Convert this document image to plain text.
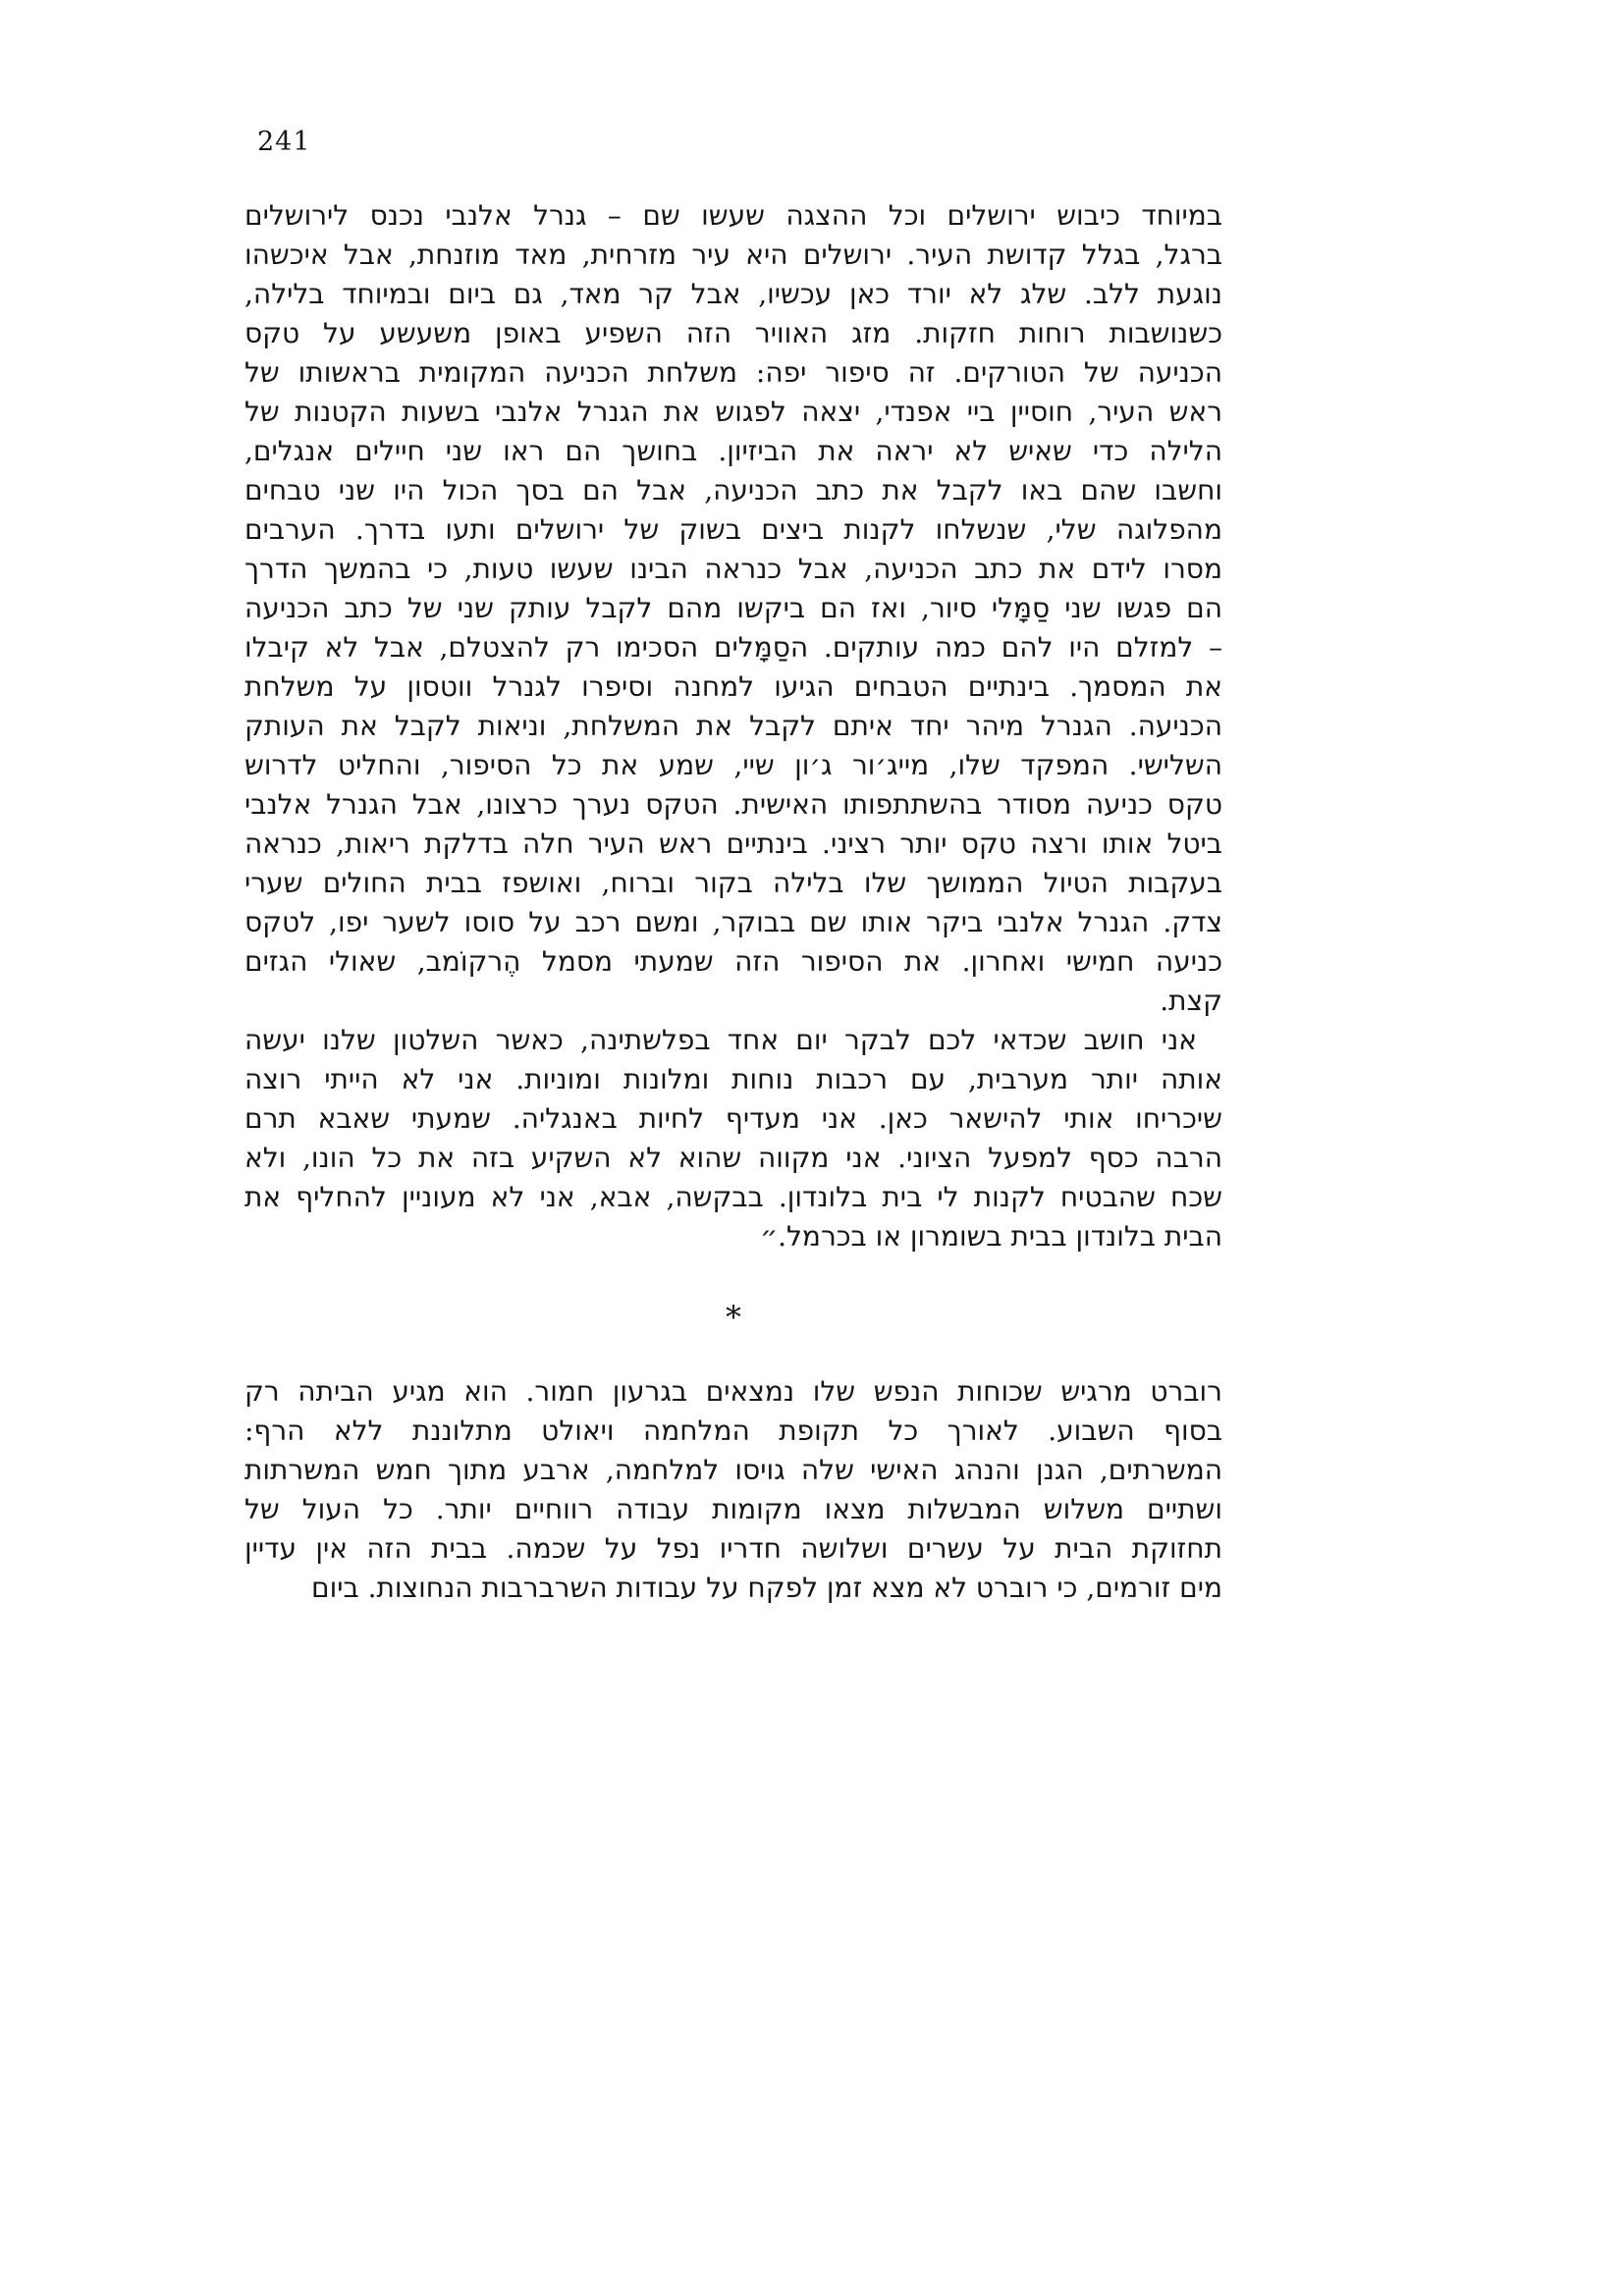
241
במיוחד כיבוש ירושלים וכל ההצגה שעשו שם – גנרל אלנבי נכנס לירושלים
ברגל, בגלל קדושת העיר. ירושלים היא עיר מזרחית, מאד מוזנחת, אבל איכשהו
נוגעת ללב. שלג לא יורד כאן עכשיו, אבל קר מאד, גם ביום ובמיוחד בלילה,
כשנושבות רוחות חזקות. מזג האוויר הזה השפיע באופן משעשע על טקס
הכניעה של הטורקים. זה סיפור יפה: משלחת הכניעה המקומית בראשותו של
ראש העיר, חוסיין ביי אפנדי, יצאה לפגוש את הגנרל אלנבי בשעות הקטנות של
הלילה כדי שאיש לא יראה את הביזיון. בחושך הם ראו שני חיילים אנגלים,
וחשבו שהם באו לקבל את כתב הכניעה, אבל הם בסך הכול היו שני טבחים
מהפלוגה שלי, שנשלחו לקנות ביצים בשוק של ירושלים ותעו בדרך. הערבים
מסרו לידם את כתב הכניעה, אבל כנראה הבינו שעשו טעות, כי בהמשך הדרך
הם פגשו שני סַמָּלי סיור, ואז הם ביקשו מהם לקבל עותק שני של כתב הכניעה
– למזלם היו להם כמה עותקים. הסַמָּלים הסכימו רק להצטלם, אבל לא קיבלו
את המסמך. בינתיים הטבחים הגיעו למחנה וסיפרו לגנרל ווטסון על משלחת
הכניעה. הגנרל מיהר יחד איתם לקבל את המשלחת, וניאות לקבל את העותק
השלישי. המפקד שלו, מייג׳ור ג׳ון שיי, שמע את כל הסיפור, והחליט לדרוש
טקס כניעה מסודר בהשתתפותו האישית. הטקס נערך כרצונו, אבל הגנרל אלנבי
ביטל אותו ורצה טקס יותר רציני. בינתיים ראש העיר חלה בדלקת ריאות, כנראה
בעקבות הטיול הממושך שלו בלילה בקור וברוח, ואושפז בבית החולים שערי
צדק. הגנרל אלנבי ביקר אותו שם בבוקר, ומשם רכב על סוסו לשער יפו, לטקס
כניעה חמישי ואחרון. את הסיפור הזה שמעתי מסמל הֶרקוֹמב, שאולי הגזים
קצת.
אני חושב שכדאי לכם לבקר יום אחד בפלשתינה, כאשר השלטון שלנו יעשה
אותה יותר מערבית, עם רכבות נוחות ומלונות ומוניות. אני לא הייתי רוצה
שיכריחו אותי להישאר כאן. אני מעדיף לחיות באנגליה. שמעתי שאבא תרם
הרבה כסף למפעל הציוני. אני מקווה שהוא לא השקיע בזה את כל הונו, ולא
שכח שהבטיח לקנות לי בית בלונדון. בבקשה, אבא, אני לא מעוניין להחליף את
הבית בלונדון בבית בשומרון או בכרמל.״
*
רוברט מרגיש שכוחות הנפש שלו נמצאים בגרעון חמור. הוא מגיע הביתה רק
בסוף השבוע. לאורך כל תקופת המלחמה ויאולט מתלוננת ללא הרף:
המשרתים, הגנן והנהג האישי שלה גויסו למלחמה, ארבע מתוך חמש המשרתות
ושתיים משלוש המבשלות מצאו מקומות עבודה רווחיים יותר. כל העול של
תחזוקת הבית על עשרים ושלושה חדריו נפל על שכמה. בבית הזה אין עדיין
מים זורמים, כי רוברט לא מצא זמן לפקח על עבודות השרברבות הנחוצות. ביום
